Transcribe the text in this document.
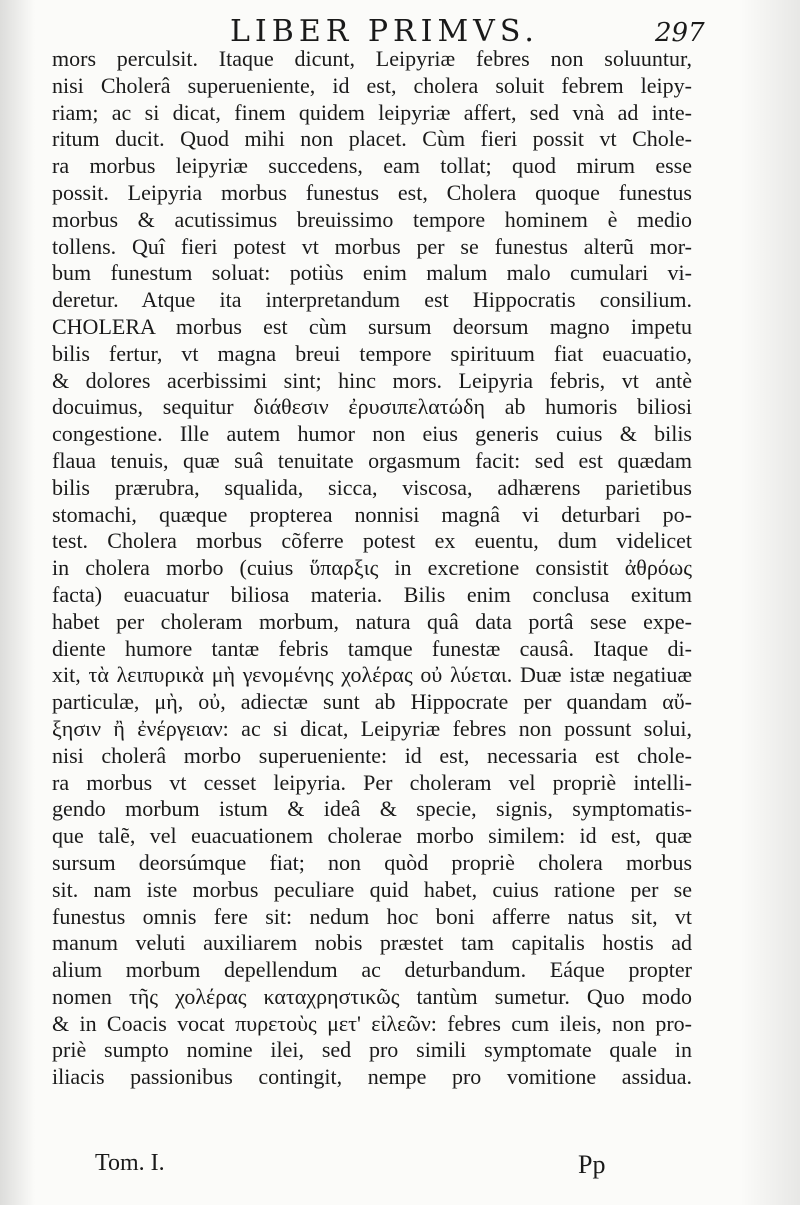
LIBER PRIMVS.	297
mors perculsit. Itaque dicunt, Leipyriæ febres non soluuntur,
nisi Cholerâ superueniente, id est, cholera soluit febrem leipy-
riam; ac si dicat, finem quidem leipyriæ affert, sed vnà ad inte-
ritum ducit. Quod mihi non placet. Cùm fieri possit vt Chole-
ra morbus leipyriæ succedens, eam tollat; quod mirum esse
possit. Leipyria morbus funestus est, Cholera quoque funestus
morbus & acutissimus breuissimo tempore hominem è medio
tollens. Quî fieri potest vt morbus per se funestus alterũ mor-
bum funestum soluat: potiùs enim malum malo cumulari vi-
deretur. Atque ita interpretandum est Hippocratis consilium.
CHOLERA morbus est cùm sursum deorsum magno impetu
bilis fertur, vt magna breui tempore spirituum fiat euacuatio,
& dolores acerbissimi sint; hinc mors. Leipyria febris, vt antè
docuimus, sequitur διάθεσιν ἐρυσιπελατώδη ab humoris biliosi
congestione. Ille autem humor non eius generis cuius & bilis
flaua tenuis, quæ suâ tenuitate orgasmum facit: sed est quædam
bilis prærubra, squalida, sicca, viscosa, adhærens parietibus
stomachi, quæque propterea nonnisi magnâ vi deturbari po-
test. Cholera morbus cõferre potest ex euentu, dum videlicet
in cholera morbo (cuius ὕπαρξις in excretione consistit ἀθρόως
facta) euacuatur biliosa materia. Bilis enim conclusa exitum
habet per choleram morbum, natura quâ data portâ sese expe-
diente humore tantæ febris tamque funestæ causâ. Itaque di-
xit, τὰ λειπυρικὰ μὴ γενομένης χολέρας οὐ λύεται. Duæ istæ negatiuæ
particulæ, μὴ, οὐ, adiectæ sunt ab Hippocrate per quandam αὔ-
ξησιν ἢ ἐνέργειαν: ac si dicat, Leipyriæ febres non possunt solui,
nisi cholerâ morbo superueniente: id est, necessaria est chole-
ra morbus vt cesset leipyria. Per choleram vel propriè intelli-
gendo morbum istum & ideâ & specie, signis, symptomatis-
que talẽ, vel euacuationem cholerae morbo similem: id est, quæ
sursum deorsúmque fiat; non quòd propriè cholera morbus
sit. nam iste morbus peculiare quid habet, cuius ratione per se
funestus omnis fere sit: nedum hoc boni afferre natus sit, vt
manum veluti auxiliarem nobis præstet tam capitalis hostis ad
alium morbum depellendum ac deturbandum. Eáque propter
nomen τῆς χολέρας καταχρηστικῶς tantùm sumetur. Quo modo
& in Coacis vocat πυρετοὺς μετ' εἰλεῶν: febres cum ileis, non pro-
priè sumpto nomine ilei, sed pro simili symptomate quale in
iliacis passionibus contingit, nempe pro vomitione assidua.
Tom. I.	Pp
